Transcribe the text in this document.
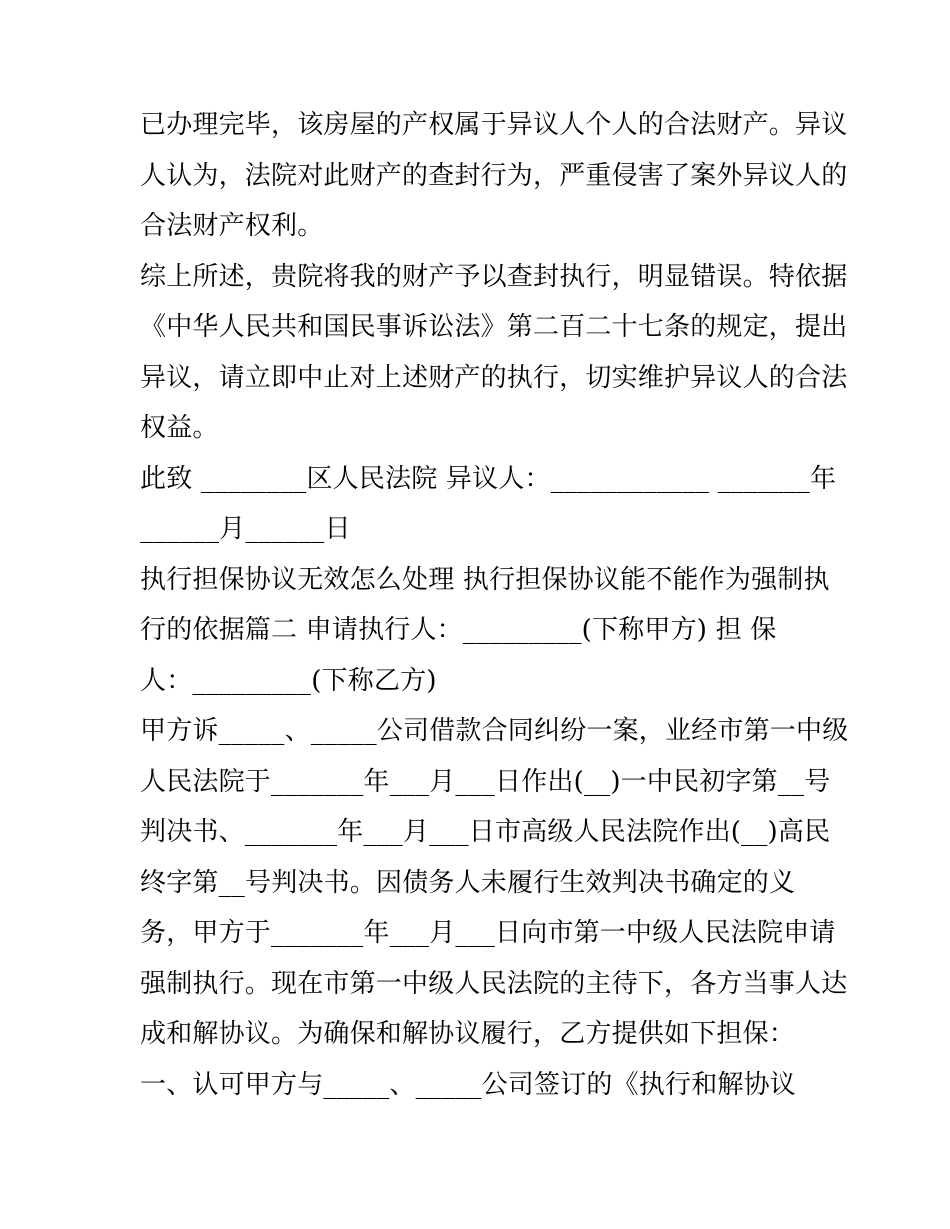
已办理完毕，该房屋的产权属于异议人个人的合法财产。异议

人认为，法院对此财产的查封行为，严重侵害了案外异议人的

合法财产权利。

综上所述，贵院将我的财产予以查封执行，明显错误。特依据

《中华人民共和国民事诉讼法》第二百二十七条的规定，提出

异议，请立即中止对上述财产的执行，切实维护异议人的合法

权益。

此致 ________区人民法院 异议人：____________ _______年

______月______日

执行担保协议无效怎么处理 执行担保协议能不能作为强制执

行的依据篇二 申请执行人：_________(下称甲方) 担 保

人：_________(下称乙方)

甲方诉_____、_____公司借款合同纠纷一案，业经市第一中级

人民法院于_______年___月___日作出(__)一中民初字第__号

判决书、_______年___月___日市高级人民法院作出(__)高民

终字第__号判决书。因债务人未履行生效判决书确定的义

务，甲方于_______年___月___日向市第一中级人民法院申请

强制执行。现在市第一中级人民法院的主待下，各方当事人达

成和解协议。为确保和解协议履行，乙方提供如下担保：

一、认可甲方与_____、_____公司签订的《执行和解协议
